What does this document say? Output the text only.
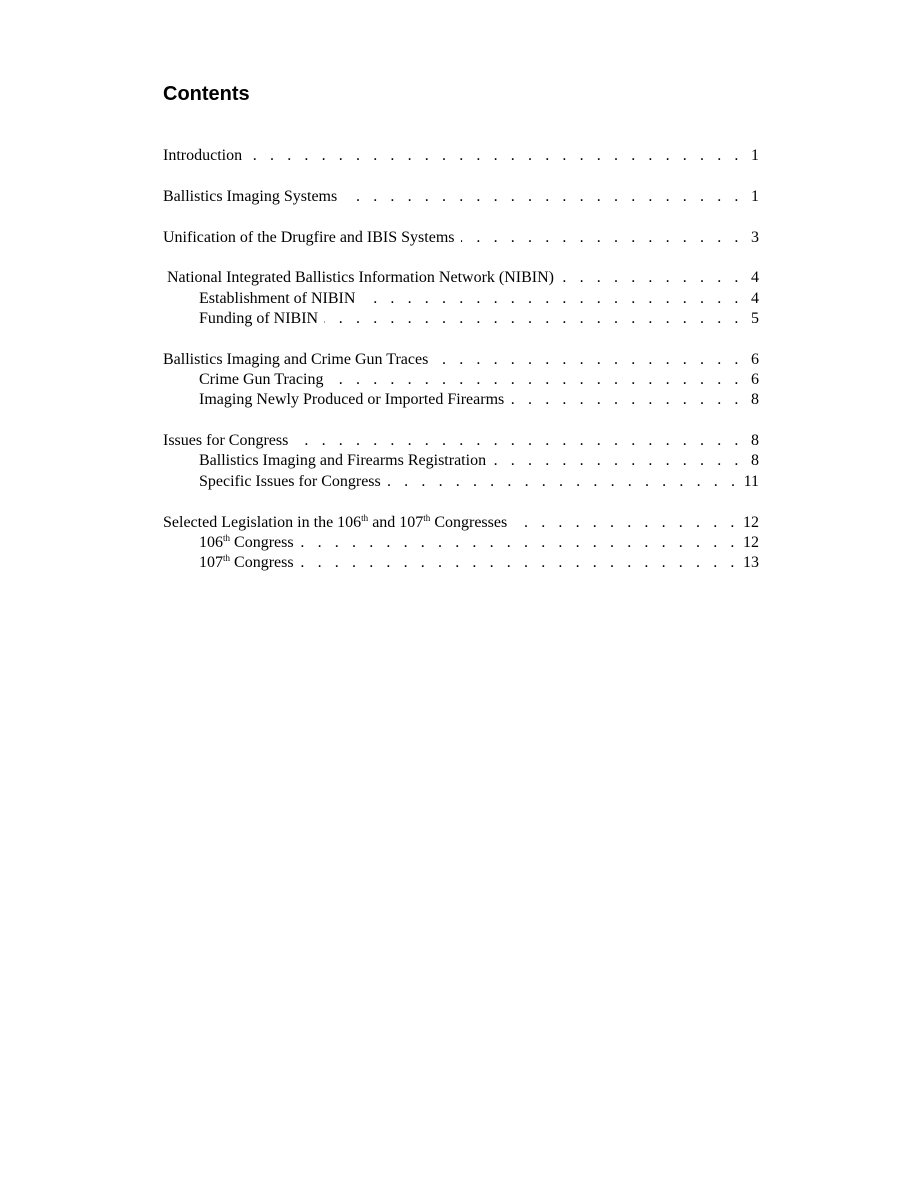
Contents
Introduction . . .	1
Ballistics Imaging Systems . . .	1
Unification of the Drugfire and IBIS Systems . . .	3
National Integrated Ballistics Information Network (NIBIN) . . .	4
Establishment of NIBIN . . .	4
Funding of NIBIN . . .	5
Ballistics Imaging and Crime Gun Traces . . .	6
Crime Gun Tracing . . .	6
Imaging Newly Produced or Imported Firearms . . .	8
Issues for Congress . . .	8
Ballistics Imaging and Firearms Registration . . .	8
Specific Issues for Congress . . .	11
Selected Legislation in the 106th and 107th Congresses . . .	12
106th Congress . . .	12
107th Congress . . .	13
